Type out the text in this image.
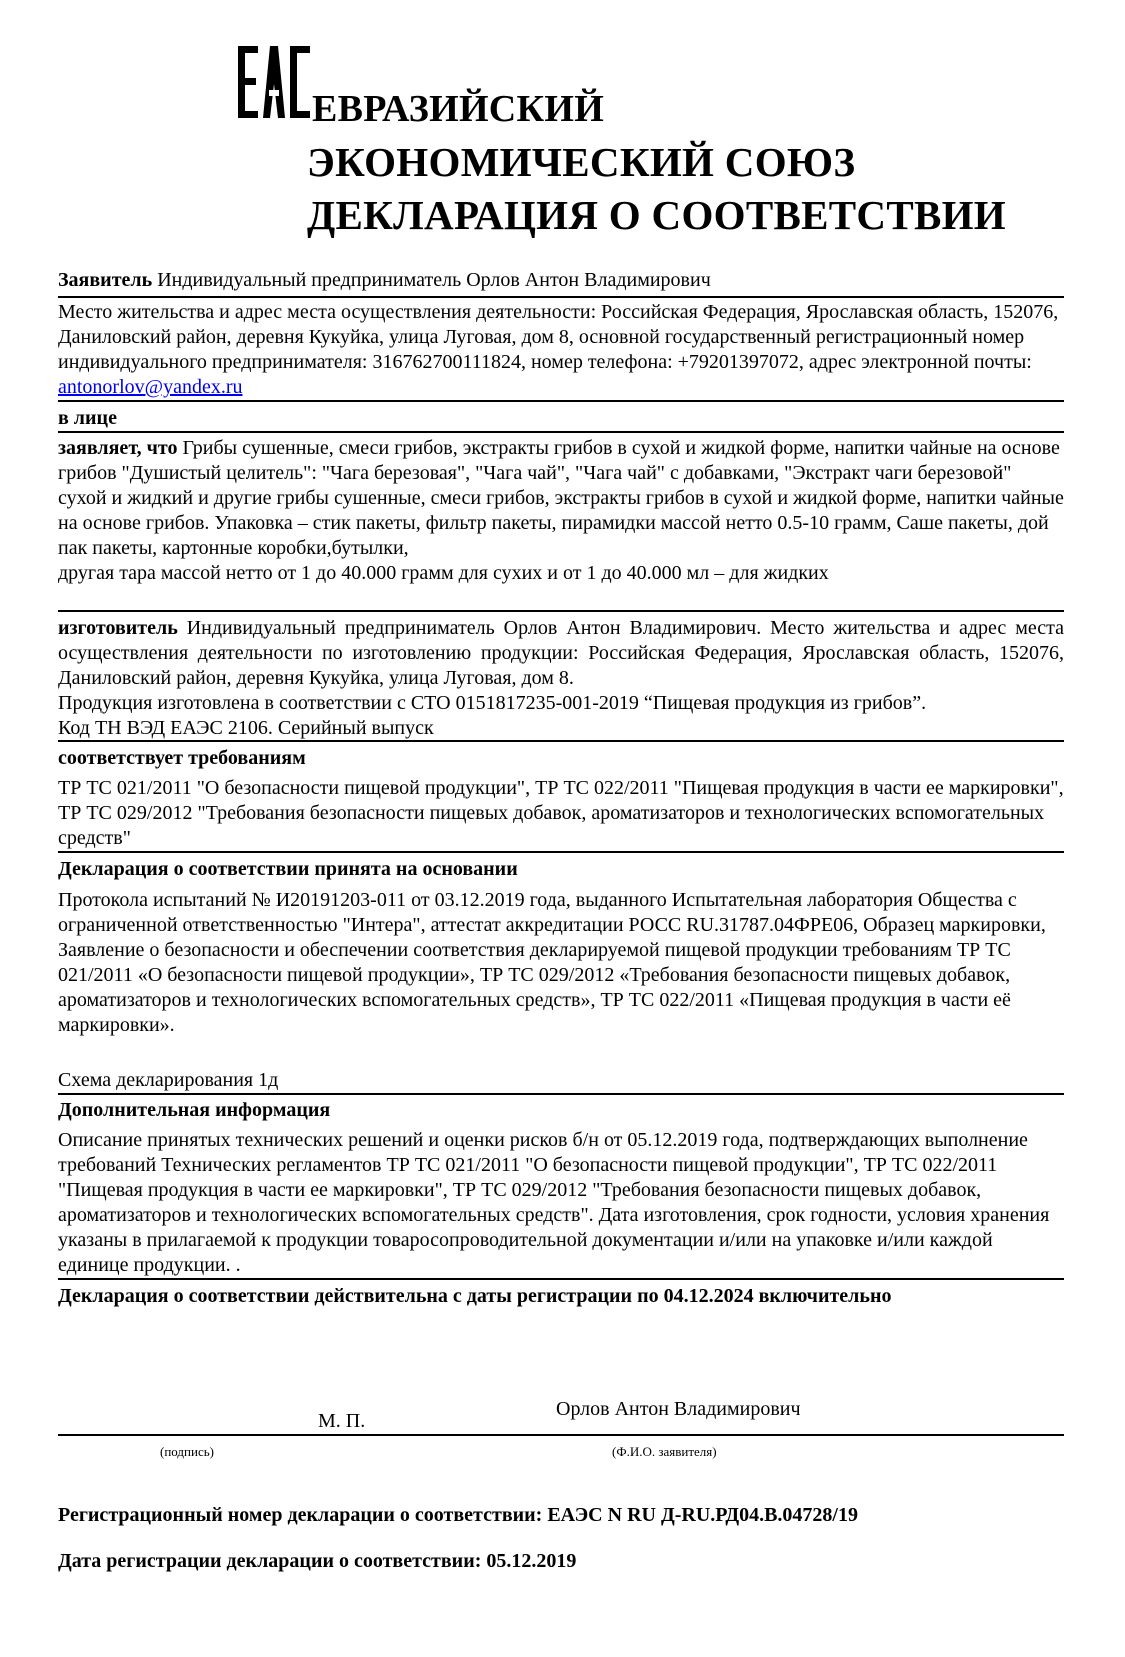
ЕВРАЗИЙСКИЙ
ЭКОНОМИЧЕСКИЙ СОЮЗ
ДЕКЛАРАЦИЯ О СООТВЕТСТВИИ
Заявитель Индивидуальный предприниматель Орлов Антон Владимирович
Место жительства и адрес места осуществления деятельности: Российская Федерация, Ярославская область, 152076, Даниловский район, деревня Кукуйка, улица Луговая, дом 8, основной государственный регистрационный номер индивидуального предпринимателя: 316762700111824, номер телефона: +79201397072, адрес электронной почты: antonorlov@yandex.ru
в лице
заявляет, что Грибы сушенные, смеси грибов, экстракты грибов в сухой и жидкой форме, напитки чайные на основе грибов "Душистый целитель": "Чага березовая", "Чага чай", "Чага чай" с добавками, "Экстракт чаги березовой" сухой и жидкий и другие грибы сушенные, смеси грибов, экстракты грибов в сухой и жидкой форме, напитки чайные на основе грибов. Упаковка – стик пакеты, фильтр пакеты, пирамидки массой нетто 0.5-10 грамм, Саше пакеты, дой пак пакеты, картонные коробки,бутылки,
другая тара массой нетто от 1 до 40.000 грамм для сухих и от 1 до 40.000 мл – для жидких
изготовитель Индивидуальный предприниматель Орлов Антон Владимирович. Место жительства и адрес места осуществления деятельности по изготовлению продукции: Российская Федерация, Ярославская область, 152076, Даниловский район, деревня Кукуйка, улица Луговая, дом 8.
Продукция изготовлена в соответствии с СТО 0151817235-001-2019 “Пищевая продукция из грибов”.
Код ТН ВЭД ЕАЭС 2106. Серийный выпуск
соответствует требованиям
ТР ТС 021/2011 "О безопасности пищевой продукции", ТР ТС 022/2011 "Пищевая продукция в части ее маркировки", ТР ТС 029/2012 "Требования безопасности пищевых добавок, ароматизаторов и технологических вспомогательных средств"
Декларация о соответствии принята на основании
Протокола испытаний № И20191203-011 от 03.12.2019 года, выданного Испытательная лаборатория Общества с ограниченной ответственностью "Интера", аттестат аккредитации РОСС RU.31787.04ФРЕ06, Образец маркировки, Заявление о безопасности и обеспечении соответствия декларируемой пищевой продукции требованиям ТР ТС 021/2011 «О безопасности пищевой продукции», ТР ТС 029/2012 «Требования безопасности пищевых добавок, ароматизаторов и технологических вспомогательных средств», ТР ТС 022/2011 «Пищевая продукция в части её маркировки».
Схема декларирования 1д
Дополнительная информация
Описание принятых технических решений и оценки рисков б/н от 05.12.2019 года, подтверждающих выполнение требований Технических регламентов ТР ТС 021/2011 "О безопасности пищевой продукции", ТР ТС 022/2011 "Пищевая продукция в части ее маркировки", ТР ТС 029/2012 "Требования безопасности пищевых добавок, ароматизаторов и технологических вспомогательных средств". Дата изготовления, срок годности, условия хранения указаны в прилагаемой к продукции товаросопроводительной документации и/или на упаковке и/или каждой единице продукции. .
Декларация о соответствии действительна с даты регистрации по 04.12.2024 включительно
М. П.
Орлов Антон Владимирович
(подпись)	(Ф.И.О. заявителя)
Регистрационный номер декларации о соответствии: ЕАЭС N RU Д-RU.РД04.В.04728/19
Дата регистрации декларации о соответствии: 05.12.2019
